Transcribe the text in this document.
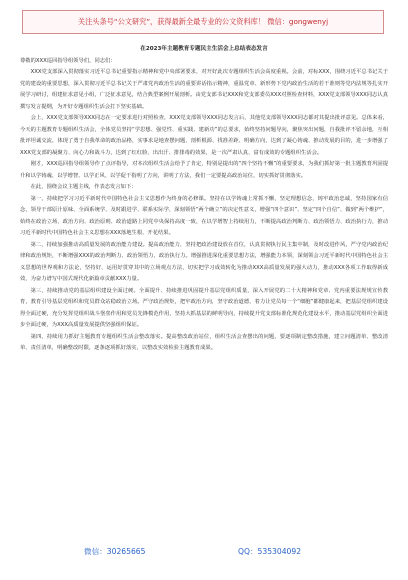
关注头条号“公文研究”，获得最新全最专业的公文资料库！ 微信：gongwenyj
在2023年主题教育专题民主生活会上总结表态发言

尊敬的XXX巡回指导组领导们，同志们：

XXX党支部深入贯彻落实习近平总书记重要指示精神和党中央部署要求，对开好此次专题组织生活会高度重视。会前，对标XXX，围绕习近平总书记关于党的建设的重要思想，深入贯彻习近平总书记关于严肃党内政治生活的重要讲话指示精神，重温党章、新形势下党内政治生活的若干准则等党内法规等扎实开展学习研讨，组建征求意见小组，广泛征求意见，结合典型案例开展剖析。由党支部书记XXX和党支部委员XXX对照检查材料，XXX党支部领导XXX同志认真撰写发言提纲，为开好专题组织生活会打下坚实基础。

会上，XXX党支部领导XXX同志在一定要求进行对照检查，XXX党支部领导XXX同志发言后，其他党支部领导XXX同志都对其提出批评意见。总体来看，今天的主题教育专题组织生活会，全体党员坚持“学思想、强党性、重实践、建新功”的总要求，始终坚持问题导向，聚焦突出问题，自我批评不留余地，互相批评坦诚交流，体现了勇于自我革命的政治品格，实事求是地查摆问题、剖析根源、找准差距、明确方向，达到了凝心铸魂、推动发展的目的，进一步增强了XXX党支部的凝聚力、向心力和战斗力，达到了红红脸、出出汗、排排毒的效果，是一次严肃认真、富有成效的专题组织生活会。

刚才，XXX巡回指导组领导作了点评指导，对本次组织生活会给予了肯定，特别是提出的“四个坚持不懈”的重要要求，为我们抓好第一批主题教育巩固提升和以学铸魂、以学增智、以学正风、以学促干指明了方向，讲明了方法，我们一定要提高政治站位，切实抓好贯彻落实。

在此，围绕会议主题主线，作表态发言如下：

第一，持续把学习习近平新时代中国特色社会主义思想作为终身的必修课。坚持在以学铸魂上常抓不懈，坚定理想信念，铸牢政治忠诚，坚持国家有信念，领导干部原汁原味、全面系统学、及时跟进学、联系实际学，深刻领悟“两个确立”的决定性意义，增强“四个意识”、坚定“四个自信”、做到“两个维护”，始终在政治立场、政治方向、政治原则、政治道路上同党中央保持高度一致，在以学增智上持续用力，不断提高政治判断力、政治领悟力、政治执行力，推动习近平新时代中国特色社会主义思想在XXX落地生根、开花结果。

第二，持续加强推动高质量发展的政治能力建设。提高政治能力，坚持把政治建设放在首位，认真贯彻执行民主集中制，及时改进作风，严守党内政治纪律和政治规矩，不断增强XXX的政治判断力、政治领悟力、政治执行力。增强推进深化重要思想方法，增强能力本领，深刻领会习近平新时代中国特色社会主义思想的世界观和方法论，坚持好、运用好贯穿其中的立场观点方法，切实把学习成效转化为推动XXX高质量发展的强大动力，推动XXX各项工作取得新成效，为奋力谱写中国式现代化新篇章贡献XXX力量。

第三，持续推动党的基层组织建设全面过硬。全面提升、持续推进巩固提升基层党组织质量，深入开展党的二十大精神和党章、党内重要法规规宣传教育，教育引导基层党组织和党员群众站稳政治立场。严守政治规矩，把牢政治方向，坚守政治道德，着力让党员每一个“细胞”都健康起来，把基层党组织建设得全面过硬，充分发挥党组织战斗堡垒作用和党员先锋模范作用，坚持大抓基层的鲜明导向，持续提升党支部标准化规范化建设水平，推动基层党组织全面进步全面过硬，为XXX高质量发展提供坚强组织保证。

第四，持续用力抓好主题教育专题组织生活会整改落实。提高整改政治站位，组织生活会查摆出的问题，要逐项制定整改措施，建立问题清单、整改清单、责任清单，明确整改时限，逐条逐项抓好落实，以整改实效检验主题教育成果。

微信：30265665	QQ：535304092
